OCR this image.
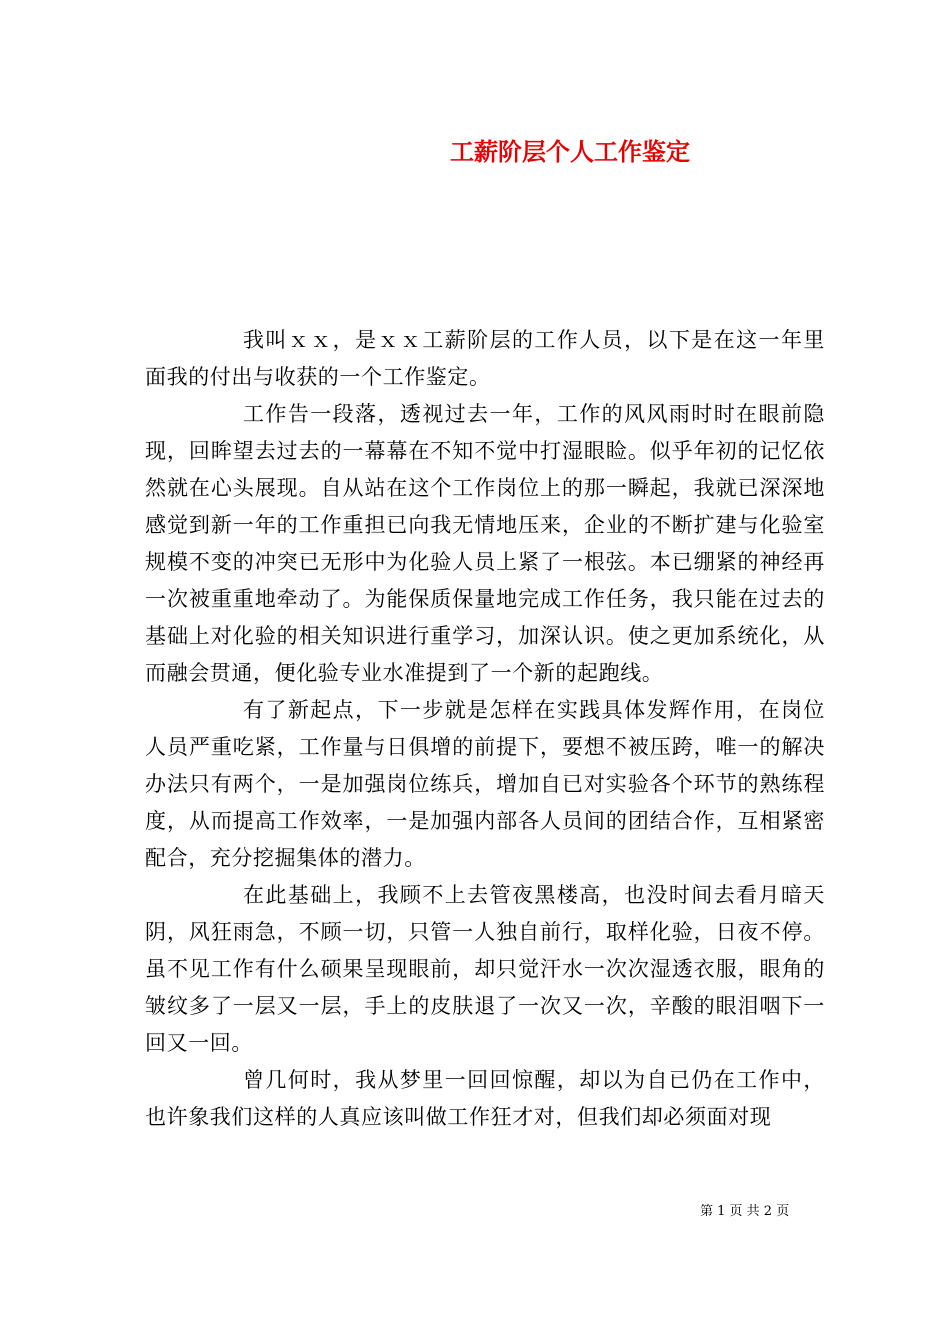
工薪阶层个人工作鉴定

我叫ｘｘ，是ｘｘ工薪阶层的工作人员，以下是在这一年里面我的付出与收获的一个工作鉴定。

工作告一段落，透视过去一年，工作的风风雨时时在眼前隐现，回眸望去过去的一幕幕在不知不觉中打湿眼睑。似乎年初的记忆依然就在心头展现。自从站在这个工作岗位上的那一瞬起，我就已深深地感觉到新一年的工作重担已向我无情地压来，企业的不断扩建与化验室规模不变的冲突已无形中为化验人员上紧了一根弦。本已绷紧的神经再一次被重重地牵动了。为能保质保量地完成工作任务，我只能在过去的基础上对化验的相关知识进行重学习，加深认识。使之更加系统化，从而融会贯通，便化验专业水准提到了一个新的起跑线。

有了新起点，下一步就是怎样在实践具体发辉作用，在岗位人员严重吃紧，工作量与日俱增的前提下，要想不被压跨，唯一的解决办法只有两个，一是加强岗位练兵，增加自已对实验各个环节的熟练程度，从而提高工作效率，一是加强内部各人员间的团结合作，互相紧密配合，充分挖掘集体的潜力。

在此基础上，我顾不上去管夜黑楼高，也没时间去看月暗天阴，风狂雨急，不顾一切，只管一人独自前行，取样化验，日夜不停。虽不见工作有什么硕果呈现眼前，却只觉汗水一次次湿透衣服，眼角的皱纹多了一层又一层，手上的皮肤退了一次又一次，辛酸的眼泪咽下一回又一回。

曾几何时，我从梦里一回回惊醒，却以为自已仍在工作中，也许象我们这样的人真应该叫做工作狂才对，但我们却必须面对现

第 1 页 共 2 页
